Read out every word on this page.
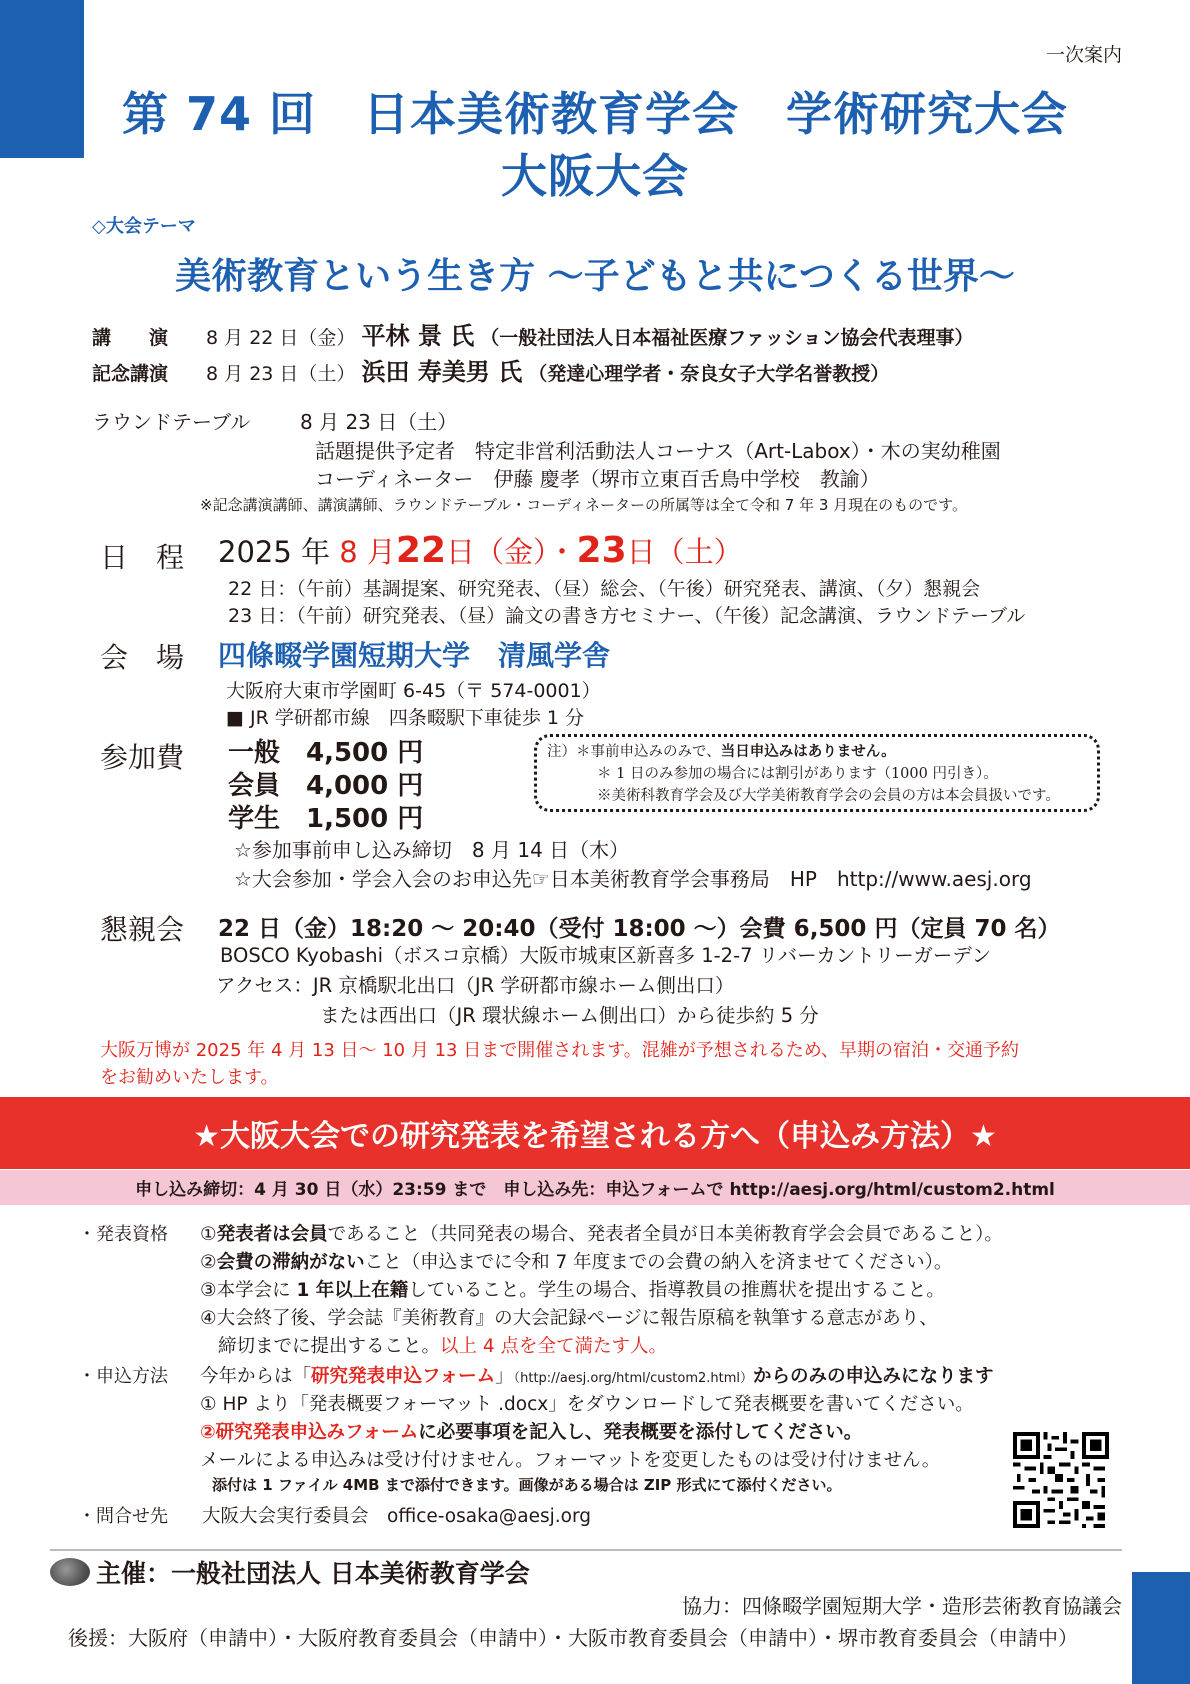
一次案内
第 74 回　日本美術教育学会　学術研究大会
大阪大会
◇大会テーマ
美術教育という生き方 ～子どもと共につくる世界～
講　　演 8 月 22 日（金） 平林 景 氏 （一般社団法人日本福祉医療ファッション協会代表理事）
記念講演 8 月 23 日（土） 浜田 寿美男 氏 （発達心理学者・奈良女子大学名誉教授）
ラウンドテーブル 8 月 23 日（土）
話題提供予定者　特定非営利活動法人コーナス（Art-Labox）・木の実幼稚園
コーディネーター　伊藤 慶孝（堺市立東百舌鳥中学校　教諭）
※記念講演講師、講演講師、ラウンドテーブル・コーディネーターの所属等は全て令和 7 年 3 月現在のものです。
日　程 2025 年 8 月22日（金）・23日（土）
22 日：（午前）基調提案、研究発表、（昼）総会、（午後）研究発表、講演、（夕）懇親会
23 日：（午前）研究発表、（昼）論文の書き方セミナー、（午後）記念講演、ラウンドテーブル
会　場 四條畷学園短期大学　清風学舎
大阪府大東市学園町 6-45（〒 574-0001）
■ JR 学研都市線　四条畷駅下車徒歩 1 分
参加費 一般 4,500 円
会員 4,000 円
学生 1,500 円
注）＊事前申込みのみで、当日申込みはありません。
＊ 1 日のみ参加の場合には割引があります（1000 円引き）。
※美術科教育学会及び大学美術教育学会の会員の方は本会員扱いです。
☆参加事前申し込み締切　8 月 14 日（木）
☆大会参加・学会入会のお申込先☞日本美術教育学会事務局　HP　http://www.aesj.org
懇親会 22 日（金）18:20 ～ 20:40（受付 18:00 ～）会費 6,500 円（定員 70 名）
BOSCO Kyobashi（ボスコ京橋）大阪市城東区新喜多 1-2-7 リバーカントリーガーデン
アクセス：JR 京橋駅北出口（JR 学研都市線ホーム側出口）
または西出口（JR 環状線ホーム側出口）から徒歩約 5 分
大阪万博が 2025 年 4 月 13 日～ 10 月 13 日まで開催されます。混雑が予想されるため、早期の宿泊・交通予約
をお勧めいたします。
★大阪大会での研究発表を希望される方へ（申込み方法）★
申し込み締切：4 月 30 日（水）23:59 まで　申し込み先：申込フォームで http://aesj.org/html/custom2.html
・発表資格 ①発表者は会員であること（共同発表の場合、発表者全員が日本美術教育学会会員であること）。
②会費の滞納がないこと（申込までに令和 7 年度までの会費の納入を済ませてください）。
③本学会に 1 年以上在籍していること。学生の場合、指導教員の推薦状を提出すること。
④大会終了後、学会誌『美術教育』の大会記録ページに報告原稿を執筆する意志があり、
締切までに提出すること。以上 4 点を全て満たす人。
・申込方法 今年からは「研究発表申込フォーム」（http://aesj.org/html/custom2.html）からのみの申込みになります
① HP より「発表概要フォーマット .docx」をダウンロードして発表概要を書いてください。
②研究発表申込みフォームに必要事項を記入し、発表概要を添付してください。
メールによる申込みは受け付けません。フォーマットを変更したものは受け付けません。
添付は 1 ファイル 4MB まで添付できます。画像がある場合は ZIP 形式にて添付ください。
・問合せ先 大阪大会実行委員会　office-osaka@aesj.org
主催：一般社団法人 日本美術教育学会
協力：四條畷学園短期大学・造形芸術教育協議会
後援：大阪府（申請中）・大阪府教育委員会（申請中）・大阪市教育委員会（申請中）・堺市教育委員会（申請中）
